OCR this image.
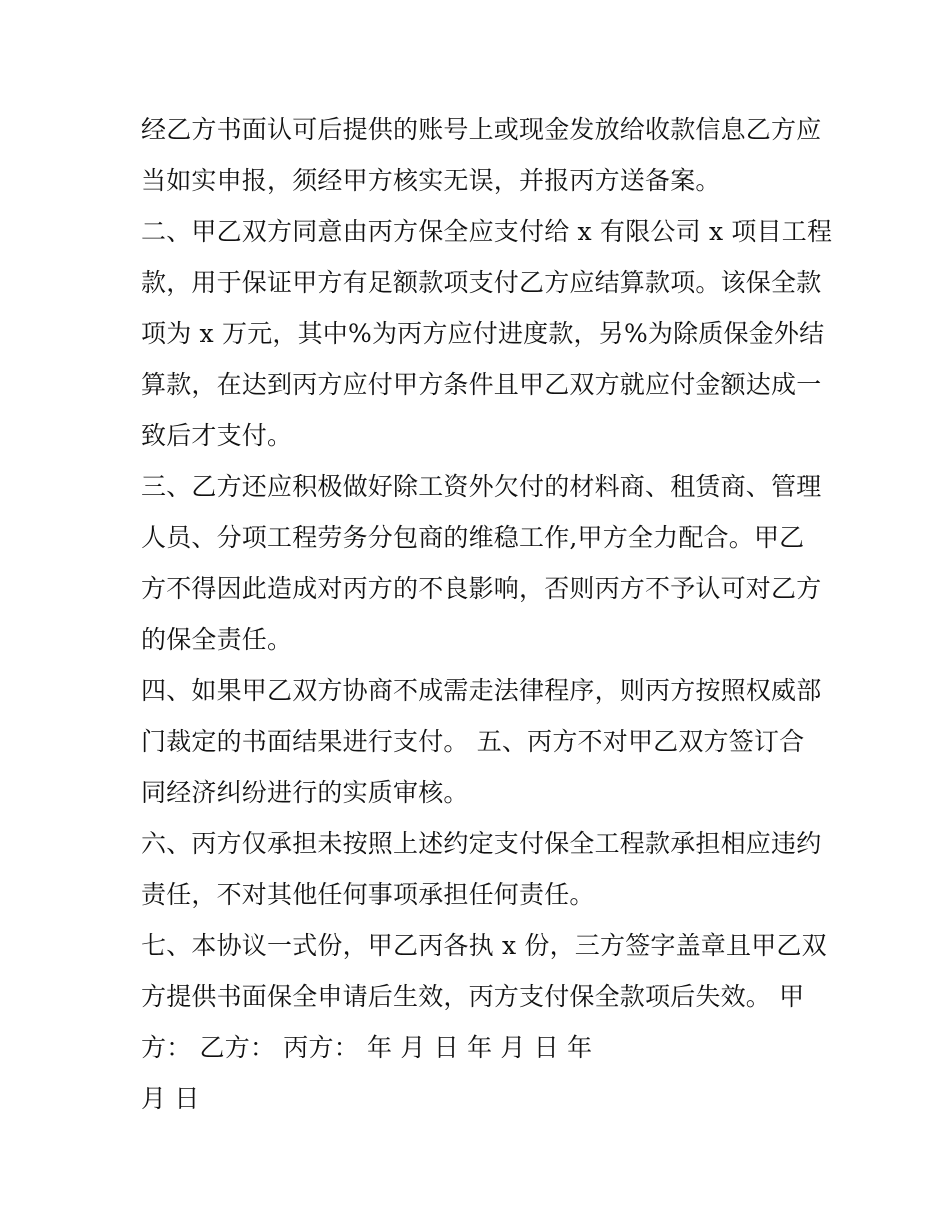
经乙方书面认可后提供的账号上或现金发放给收款信息乙方应
当如实申报，须经甲方核实无误，并报丙方送备案。
二、甲乙双方同意由丙方保全应支付给 x 有限公司 x 项目工程
款，用于保证甲方有足额款项支付乙方应结算款项。该保全款
项为 x 万元，其中%为丙方应付进度款，另%为除质保金外结
算款，在达到丙方应付甲方条件且甲乙双方就应付金额达成一
致后才支付。
三、乙方还应积极做好除工资外欠付的材料商、租赁商、管理
人员、分项工程劳务分包商的维稳工作,甲方全力配合。甲乙
方不得因此造成对丙方的不良影响，否则丙方不予认可对乙方
的保全责任。
四、如果甲乙双方协商不成需走法律程序，则丙方按照权威部
门裁定的书面结果进行支付。 五、丙方不对甲乙双方签订合
同经济纠纷进行的实质审核。
六、丙方仅承担未按照上述约定支付保全工程款承担相应违约
责任，不对其他任何事项承担任何责任。
七、本协议一式份，甲乙丙各执 x 份，三方签字盖章且甲乙双
方提供书面保全申请后生效，丙方支付保全款项后失效。 甲
方： 乙方： 丙方： 年 月 日 年 月 日 年
月 日
